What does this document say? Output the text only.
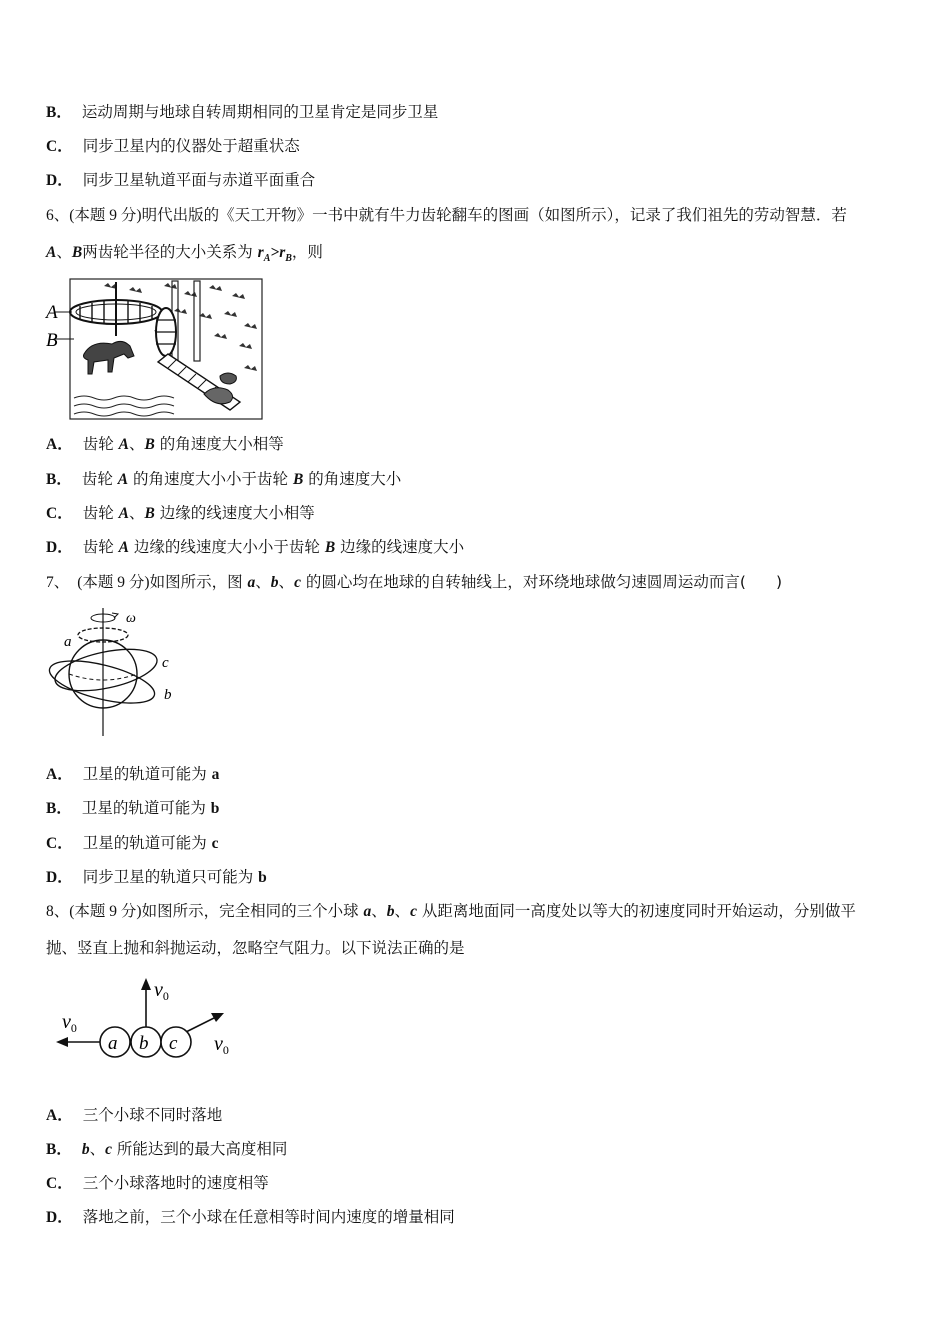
B． 运动周期与地球自转周期相同的卫星肯定是同步卫星
C． 同步卫星内的仪器处于超重状态
D． 同步卫星轨道平面与赤道平面重合
6、(本题 9 分)明代出版的《天工开物》一书中就有牛力齿轮翻车的图画（如图所示），记录了我们祖先的劳动智慧．若
A、B两齿轮半径的大小关系为 $r_A>r_B$，则
A
B
A． 齿轮 A、B 的角速度大小相等
B． 齿轮 A 的角速度大小小于齿轮 B 的角速度大小
C． 齿轮 A、B 边缘的线速度大小相等
D． 齿轮 A 边缘的线速度大小小于齿轮 B 边缘的线速度大小
7、 (本题 9 分)如图所示，图 a、b、c 的圆心均在地球的自转轴线上，对环绕地球做匀速圆周运动而言( )
ω
a
c
b
A． 卫星的轨道可能为 a
B． 卫星的轨道可能为 b
C． 卫星的轨道可能为 c
D． 同步卫星的轨道只可能为 b
8、(本题 9 分)如图所示，完全相同的三个小球 a、b、c 从距离地面同一高度处以等大的初速度同时开始运动，分别做平
抛、竖直上抛和斜抛运动，忽略空气阻力。以下说法正确的是
$v_0$
$v_0$
$v_0$
a b c
A． 三个小球不同时落地
B． b、c 所能达到的最大高度相同
C． 三个小球落地时的速度相等
D． 落地之前，三个小球在任意相等时间内速度的增量相同
